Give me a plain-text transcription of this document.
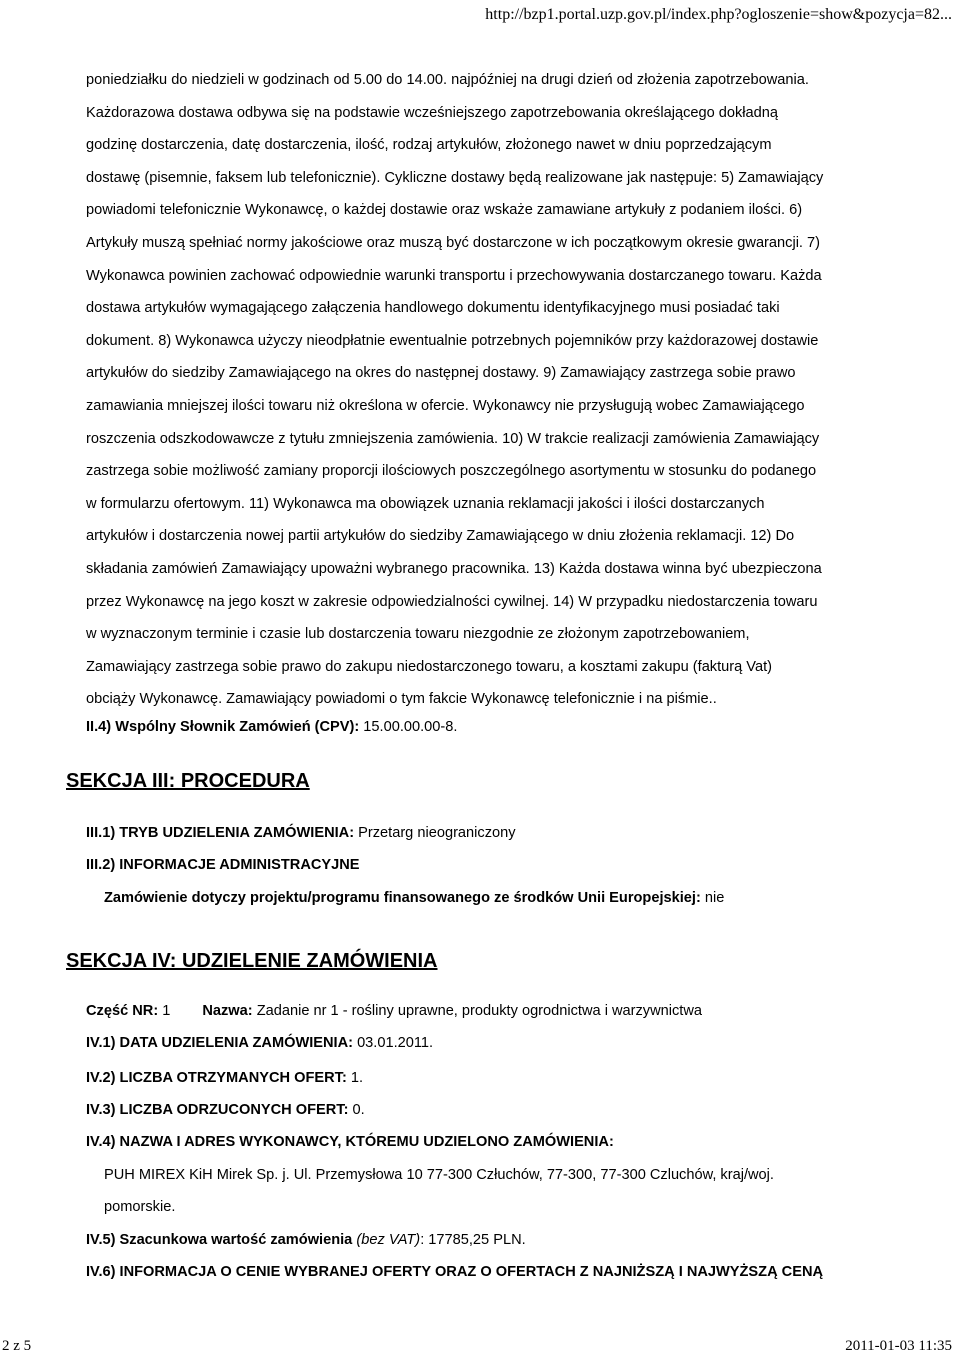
http://bzp1.portal.uzp.gov.pl/index.php?ogloszenie=show&pozycja=82...
poniedziałku do niedzieli w godzinach od 5.00 do 14.00. najpóźniej na drugi dzień od złożenia zapotrzebowania.
Każdorazowa dostawa odbywa się na podstawie wcześniejszego zapotrzebowania określającego dokładną
godzinę dostarczenia, datę dostarczenia, ilość, rodzaj artykułów, złożonego nawet w dniu poprzedzającym
dostawę (pisemnie, faksem lub telefonicznie). Cykliczne dostawy będą realizowane jak następuje: 5) Zamawiający
powiadomi telefonicznie Wykonawcę, o każdej dostawie oraz wskaże zamawiane artykuły z podaniem ilości. 6)
Artykuły muszą spełniać normy jakościowe oraz muszą być dostarczone w ich początkowym okresie gwarancji. 7)
Wykonawca powinien zachować odpowiednie warunki transportu i przechowywania dostarczanego towaru. Każda
dostawa artykułów wymagającego załączenia handlowego dokumentu identyfikacyjnego musi posiadać taki
dokument. 8) Wykonawca użyczy nieodpłatnie ewentualnie potrzebnych pojemników przy każdorazowej dostawie
artykułów do siedziby Zamawiającego na okres do następnej dostawy. 9) Zamawiający zastrzega sobie prawo
zamawiania mniejszej ilości towaru niż określona w ofercie. Wykonawcy nie przysługują wobec Zamawiającego
roszczenia odszkodowawcze z tytułu zmniejszenia zamówienia. 10) W trakcie realizacji zamówienia Zamawiający
zastrzega sobie możliwość zamiany proporcji ilościowych poszczególnego asortymentu w stosunku do podanego
w formularzu ofertowym. 11) Wykonawca ma obowiązek uznania reklamacji jakości i ilości dostarczanych
artykułów i dostarczenia nowej partii artykułów do siedziby Zamawiającego w dniu złożenia reklamacji. 12) Do
składania zamówień Zamawiający upoważni wybranego pracownika. 13) Każda dostawa winna być ubezpieczona
przez Wykonawcę na jego koszt w zakresie odpowiedzialności cywilnej. 14) W przypadku niedostarczenia towaru
w wyznaczonym terminie i czasie lub dostarczenia towaru niezgodnie ze złożonym zapotrzebowaniem,
Zamawiający zastrzega sobie prawo do zakupu niedostarczonego towaru, a kosztami zakupu (fakturą Vat)
obciąży Wykonawcę. Zamawiający powiadomi o tym fakcie Wykonawcę telefonicznie i na piśmie..
II.4) Wspólny Słownik Zamówień (CPV): 15.00.00.00-8.
SEKCJA III: PROCEDURA
III.1) TRYB UDZIELENIA ZAMÓWIENIA: Przetarg nieograniczony
III.2) INFORMACJE ADMINISTRACYJNE
Zamówienie dotyczy projektu/programu finansowanego ze środków Unii Europejskiej: nie
SEKCJA IV: UDZIELENIE ZAMÓWIENIA
Część NR: 1 Nazwa: Zadanie nr 1 - rośliny uprawne, produkty ogrodnictwa i warzywnictwa
IV.1) DATA UDZIELENIA ZAMÓWIENIA: 03.01.2011.
IV.2) LICZBA OTRZYMANYCH OFERT: 1.
IV.3) LICZBA ODRZUCONYCH OFERT: 0.
IV.4) NAZWA I ADRES WYKONAWCY, KTÓREMU UDZIELONO ZAMÓWIENIA:
PUH MIREX KiH Mirek Sp. j. Ul. Przemysłowa 10 77-300 Człuchów, 77-300, 77-300 Czluchów, kraj/woj.
pomorskie.
IV.5) Szacunkowa wartość zamówienia (bez VAT): 17785,25 PLN.
IV.6) INFORMACJA O CENIE WYBRANEJ OFERTY ORAZ O OFERTACH Z NAJNIŻSZĄ I NAJWYŻSZĄ CENĄ
2 z 5	2011-01-03 11:35
